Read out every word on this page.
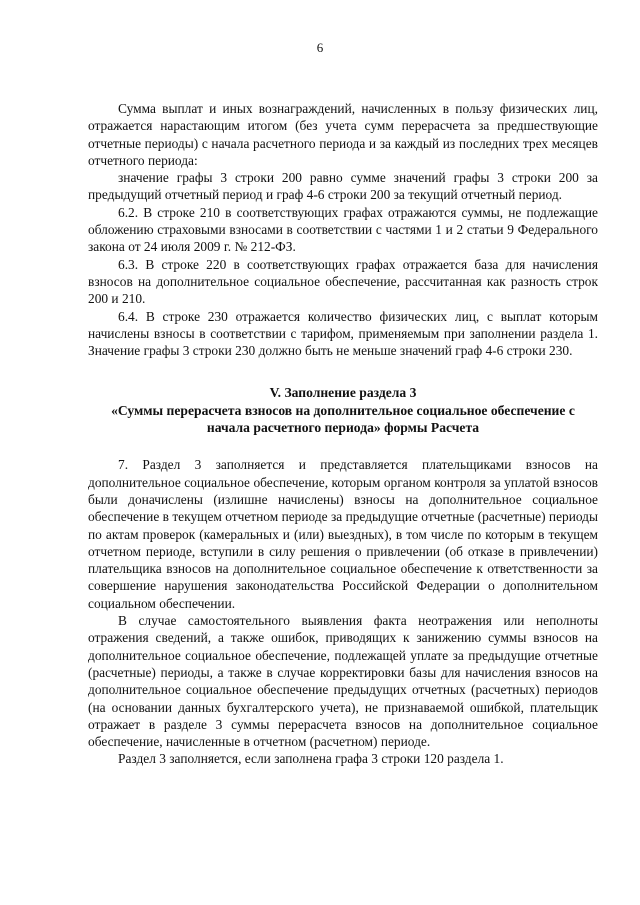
6

Сумма выплат и иных вознаграждений, начисленных в пользу физических лиц, отражается нарастающим итогом (без учета сумм перерасчета за предшествующие отчетные периоды) с начала расчетного периода и за каждый из последних трех месяцев отчетного периода:

значение графы 3 строки 200 равно сумме значений графы 3 строки 200 за предыдущий отчетный период и граф 4-6 строки 200 за текущий отчетный период.

6.2. В строке 210 в соответствующих графах отражаются суммы, не подлежащие обложению страховыми взносами в соответствии с частями 1 и 2 статьи 9 Федерального закона от 24 июля 2009 г. № 212-ФЗ.

6.3. В строке 220 в соответствующих графах отражается база для начисления взносов на дополнительное социальное обеспечение, рассчитанная как разность строк 200 и 210.

6.4. В строке 230 отражается количество физических лиц, с выплат которым начислены взносы в соответствии с тарифом, применяемым при заполнении раздела 1. Значение графы 3 строки 230 должно быть не меньше значений граф 4-6 строки 230.

V. Заполнение раздела 3
«Суммы перерасчета взносов на дополнительное социальное обеспечение с
начала расчетного периода» формы Расчета

7. Раздел 3 заполняется и представляется плательщиками взносов на дополнительное социальное обеспечение, которым органом контроля за уплатой взносов были доначислены (излишне начислены) взносы на дополнительное социальное обеспечение в текущем отчетном периоде за предыдущие отчетные (расчетные) периоды по актам проверок (камеральных и (или) выездных), в том числе по которым в текущем отчетном периоде, вступили в силу решения о привлечении (об отказе в привлечении) плательщика взносов на дополнительное социальное обеспечение к ответственности за совершение нарушения законодательства Российской Федерации о дополнительном социальном обеспечении.

В случае самостоятельного выявления факта неотражения или неполноты отражения сведений, а также ошибок, приводящих к занижению суммы взносов на дополнительное социальное обеспечение, подлежащей уплате за предыдущие отчетные (расчетные) периоды, а также в случае корректировки базы для начисления взносов на дополнительное социальное обеспечение предыдущих отчетных (расчетных) периодов (на основании данных бухгалтерского учета), не признаваемой ошибкой, плательщик отражает в разделе 3 суммы перерасчета взносов на дополнительное социальное обеспечение, начисленные в отчетном (расчетном) периоде.

Раздел 3 заполняется, если заполнена графа 3 строки 120 раздела 1.
